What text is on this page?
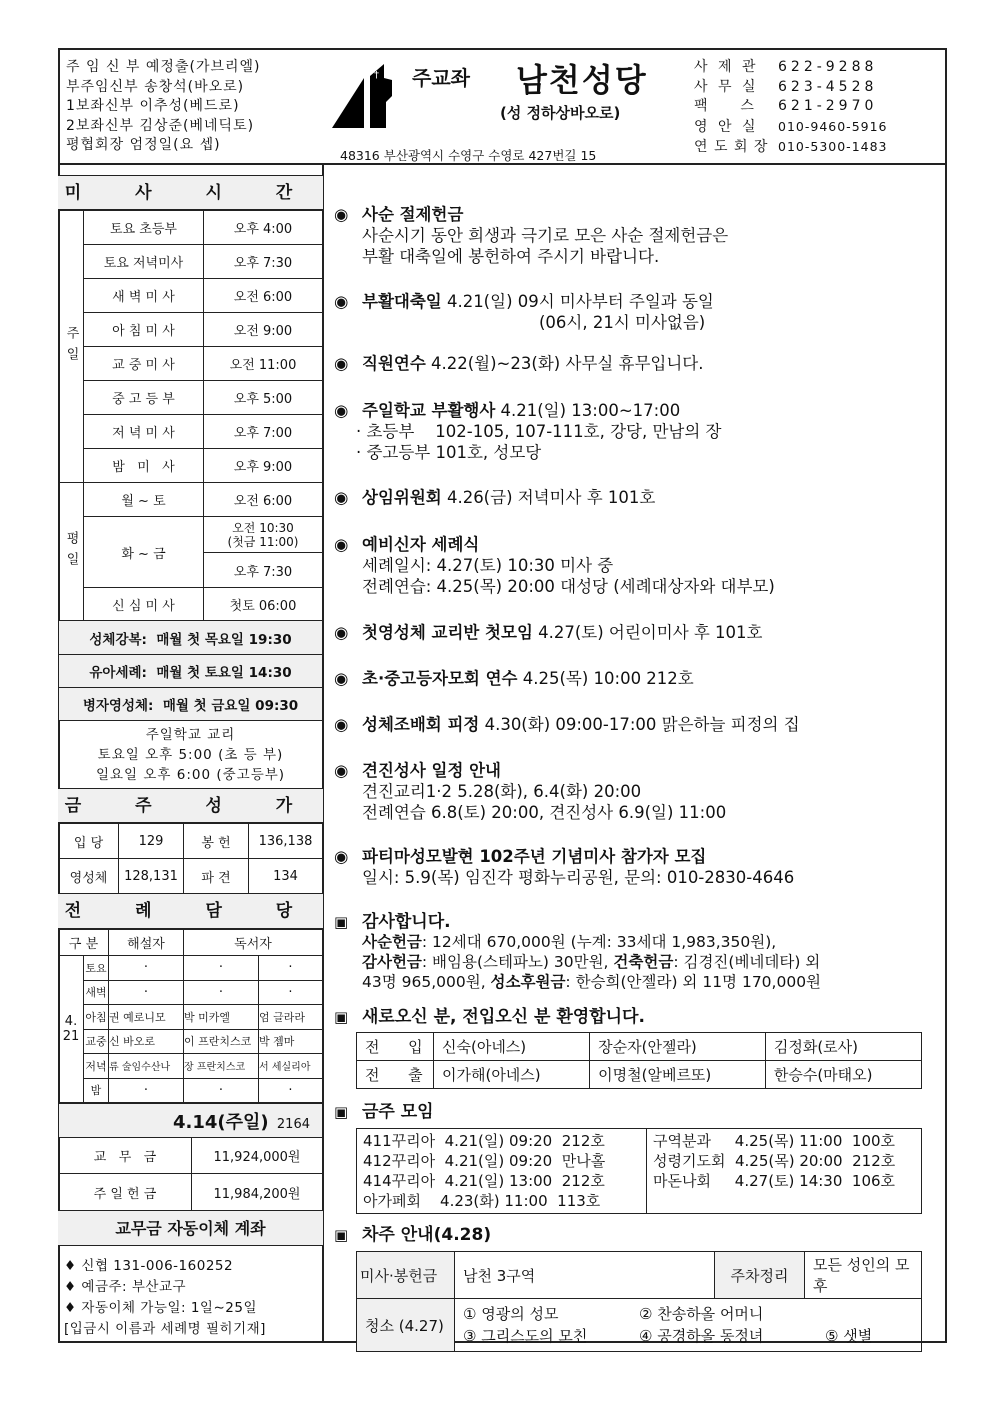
주 임 신 부 예정출(가브리엘)
부주임신부 송창석(바오로)
1보좌신부 이추성(베드로)
2보좌신부 김상준(베네딕토)
평협회장 엄정일(요 셉)
† 주교좌 남천성당
(성 정하상바오로)
48316 부산광역시 수영구 수영로 427번길 15
사 제 관 622-9288
사 무 실 623-4528
팩    스 621-2970
영 안 실 010-9460-5916
연 도 회 장 010-5300-1483
미 사 시 간
주일	토요 초등부	오후 4:00
	토요 저녁미사	오후 7:30
	새 벽 미 사	오전 6:00
	아 침 미 사	오전 9:00
	교 중 미 사	오전 11:00
	중 고 등 부	오후 5:00
	저 녁 미 사	오후 7:00
	밤   미   사	오후 9:00
평일	월 ~ 토	오전 6:00
	화 ~ 금	오전 10:30
(첫금 11:00)

		오후 7:30
	신 심 미 사	첫토 06:00
성체강복:  매월 첫 목요일 19:30		
유아세례:  매월 첫 토요일 14:30		
병자영성체:  매월 첫 금요일 09:30		

주일학교 교리
토요일 오후 5:00 (초 등 부)
일요일 오후 6:00 (중고등부)		
금 주 성 가
입 당	129	봉 헌	136,138
영성체	128,131	파 견	134
전 례 담 당
구 분		해설자	독서자	
4. 21	토요	·	·	·
	새벽	·	·	·
	아침	권 예로니모	박 미카엘	엄 글라라
	교중	신 바오로	이 프란치스코	박 젬마
	저녁	류 술임수산나	장 프란치스코	서 세실리아
	밤	·	·	·
4.14(주일) 2164	
교   무   금	11,924,000원
주 일 헌 금	11,984,200원
교무금 자동이체 계좌
♦ 신협 131-006-160252
♦ 예금주: 부산교구
♦ 자동이체 가능일: 1일∼25일
[입금시 이름과 세례명 필히기재]
◉ 사순 절제헌금
사순시기 동안 희생과 극기로 모은 사순 절제헌금은
부활 대축일에 봉헌하여 주시기 바랍니다.
◉ 부활대축일 4.21(일) 09시 미사부터 주일과 동일
(06시, 21시 미사없음)
◉ 직원연수 4.22(월)~23(화) 사무실 휴무입니다.
◉ 주일학교 부활행사 4.21(일) 13:00~17:00
· 초등부    102-105, 107-111호, 강당, 만남의 장
· 중고등부 101호, 성모당
◉ 상임위원회 4.26(금) 저녁미사 후 101호
◉ 예비신자 세례식
세례일시: 4.27(토) 10:30 미사 중
전례연습: 4.25(목) 20:00 대성당 (세례대상자와 대부모)
◉ 첫영성체 교리반 첫모임 4.27(토) 어린이미사 후 101호
◉ 초·중고등자모회 연수 4.25(목) 10:00 212호
◉ 성체조배회 피정 4.30(화) 09:00-17:00 맑은하늘 피정의 집
◉ 견진성사 일정 안내
견진교리1·2 5.28(화), 6.4(화) 20:00
전례연습 6.8(토) 20:00, 견진성사 6.9(일) 11:00
◉ 파티마성모발현 102주년 기념미사 참가자 모집
일시: 5.9(목) 임진각 평화누리공원, 문의: 010-2830-4646
▣ 감사합니다.
사순헌금: 12세대 670,000원 (누계: 33세대 1,983,350원),
감사헌금: 배임용(스테파노) 30만원, 건축헌금: 김경진(베네데타) 외
43명 965,000원, 성소후원금: 한승희(안젤라) 외 11명 170,000원
▣ 새로오신 분, 전입오신 분 환영합니다.
전      입	신숙(아네스)	장순자(안젤라)	김정화(로사)
전      출	이가해(아네스)	이명철(알베르또)	한승수(마태오)
▣ 금주 모임
411꾸리아  4.21(일) 09:20  212호
412꾸리아  4.21(일) 09:20  만나홀
414꾸리아  4.21(일) 13:00  212호
아가페회    4.23(화) 11:00  113호

구역분과     4.25(목) 11:00  100호
성령기도회  4.25(목) 20:00  212호
마돈나회     4.27(토) 14:30  106호
▣ 차주 안내(4.28)
미사·봉헌금	남천 3구역	주차정리	모든 성인의 모후
청소 (4.27)	① 영광의 성모 ② 찬송하올 어머니
③ 그리스도의 모친 ④ 공경하올 동정녀 ⑤ 샛별		
